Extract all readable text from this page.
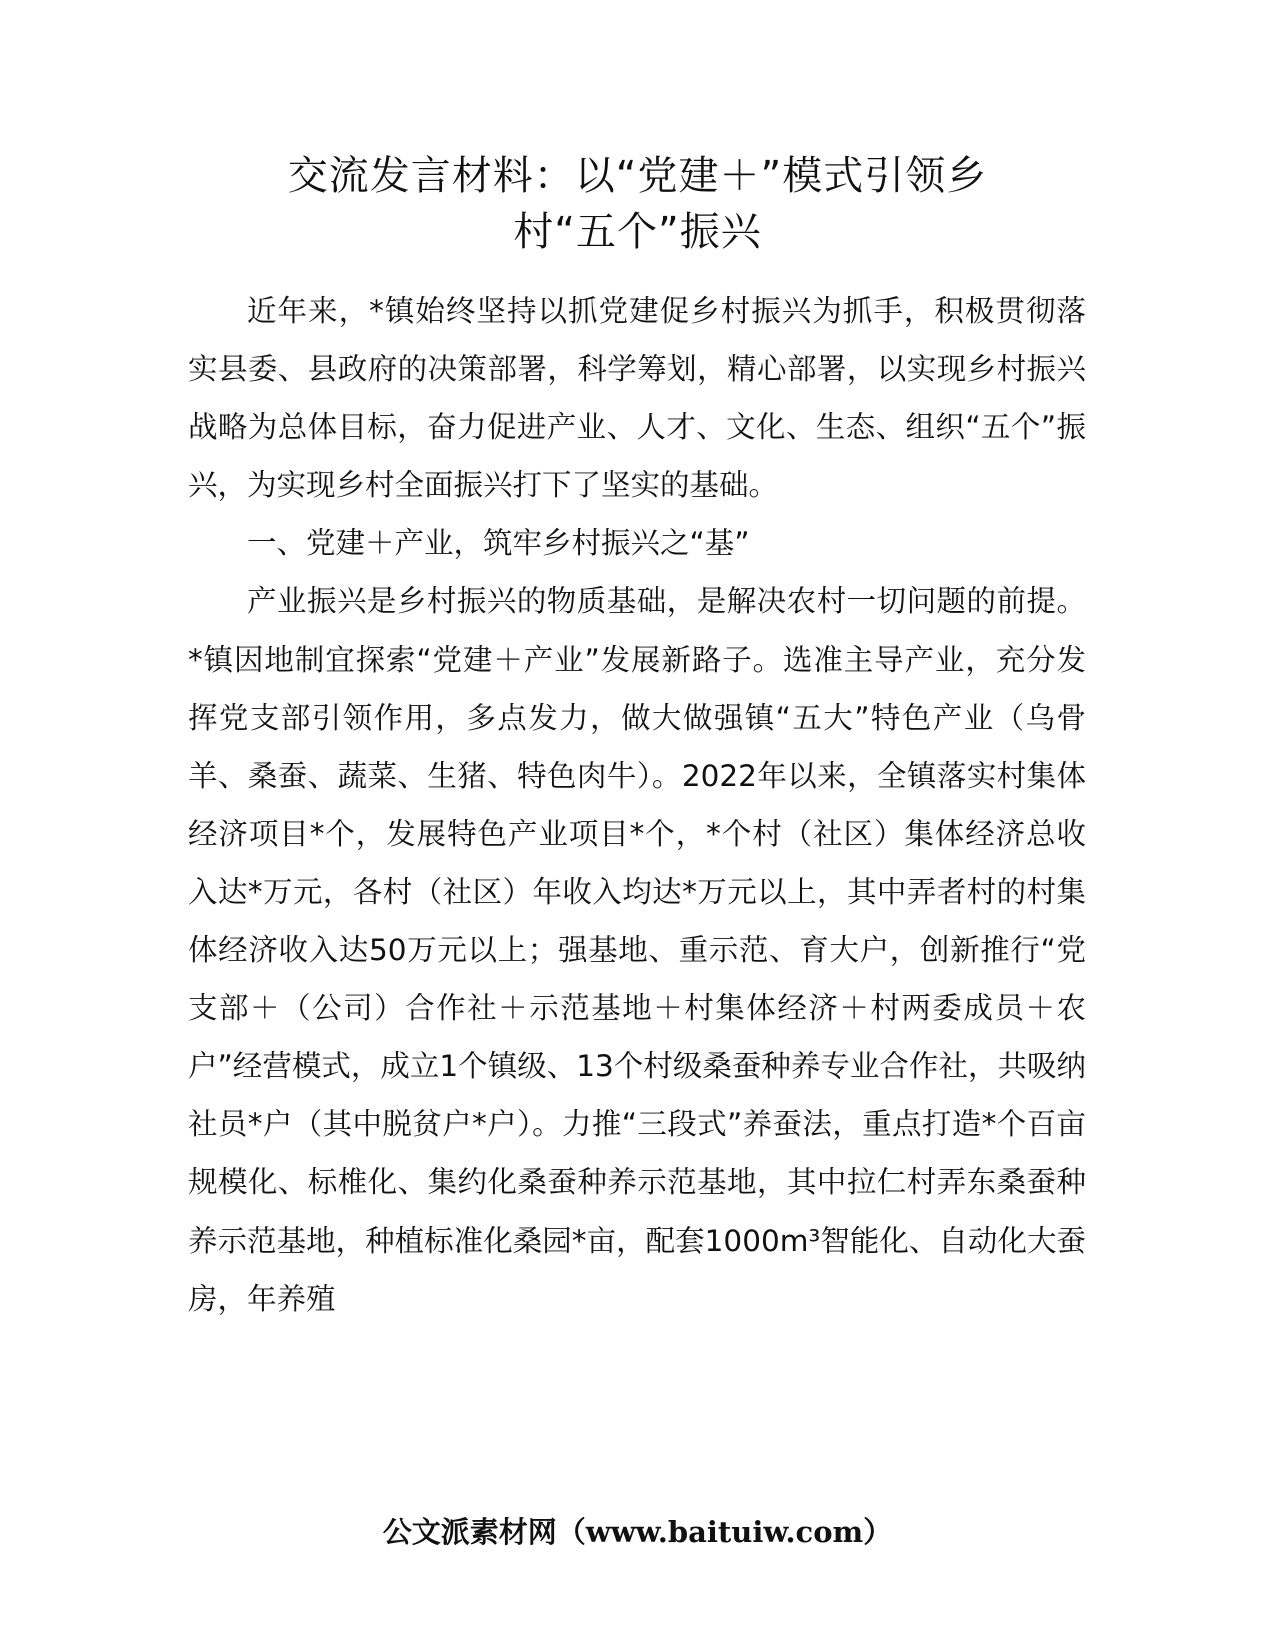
交流发言材料：以“党建＋”模式引领乡
村“五个”振兴

近年来，*镇始终坚持以抓党建促乡村振兴为抓手，积极贯彻落实县委、县政府的决策部署，科学筹划，精心部署，以实现乡村振兴战略为总体目标，奋力促进产业、人才、文化、生态、组织“五个”振兴，为实现乡村全面振兴打下了坚实的基础。

一、党建＋产业，筑牢乡村振兴之“基”

产业振兴是乡村振兴的物质基础，是解决农村一切问题的前提。*镇因地制宜探索“党建＋产业”发展新路子。选准主导产业，充分发挥党支部引领作用，多点发力，做大做强镇“五大”特色产业（乌骨羊、桑蚕、蔬菜、生猪、特色肉牛）。2022年以来，全镇落实村集体经济项目*个，发展特色产业项目*个，*个村（社区）集体经济总收入达*万元，各村（社区）年收入均达*万元以上，其中弄者村的村集体经济收入达50万元以上；强基地、重示范、育大户，创新推行“党支部＋（公司）合作社＋示范基地＋村集体经济＋村两委成员＋农户”经营模式，成立1个镇级、13个村级桑蚕种养专业合作社，共吸纳社员*户（其中脱贫户*户）。力推“三段式”养蚕法，重点打造*个百亩规模化、标椎化、集约化桑蚕种养示范基地，其中拉仁村弄东桑蚕种养示范基地，种植标准化桑园*亩，配套1000m³智能化、自动化大蚕房，年养殖

公文派素材网（www.baituiw.com）
